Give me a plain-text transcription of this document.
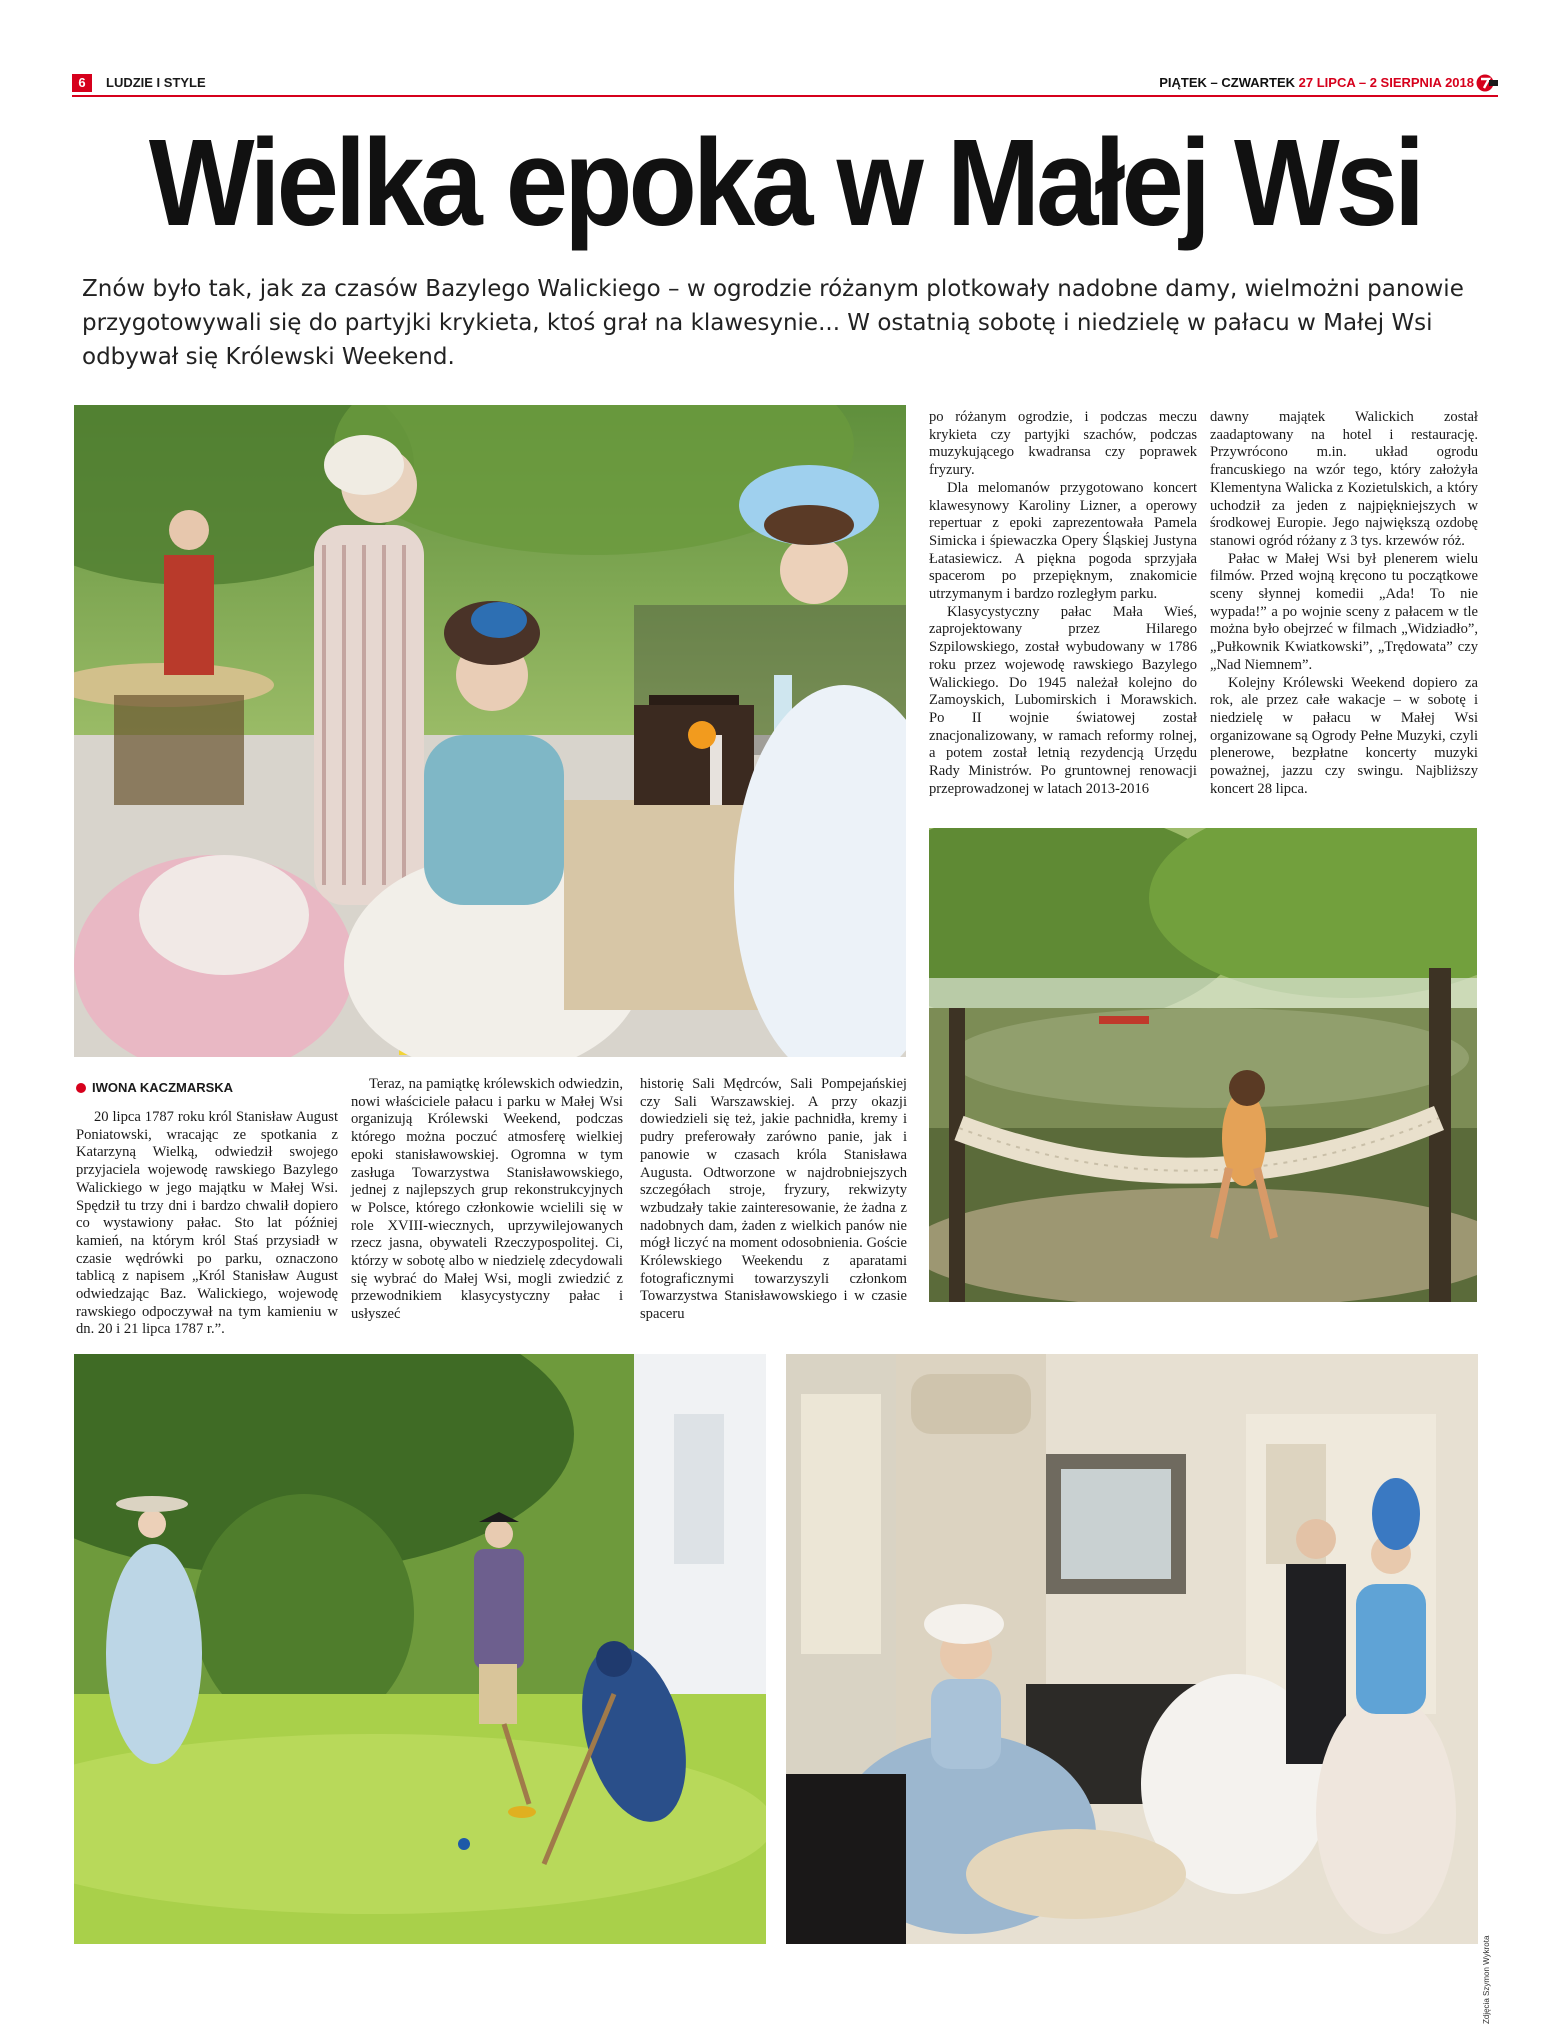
6	LUDZIE I STYLE	PIĄTEK – CZWARTEK 27 LIPCA – 2 SIERPNIA 2018
Wielka epoka w Małej Wsi
Znów było tak, jak za czasów Bazylego Walickiego – w ogrodzie różanym plotkowały nadobne damy, wielmożni panowie przygotowywali się do partyjki krykieta, ktoś grał na klawesynie... W ostatnią sobotę i niedzielę w pałacu w Małej Wsi odbywał się Królewski Weekend.
IWONA KACZMARSKA

20 lipca 1787 roku król Stanisław August Poniatowski, wracając ze spotkania z Katarzyną Wielką, odwiedził swojego przyjaciela wojewodę rawskiego Bazylego Walickiego w jego majątku w Małej Wsi. Spędził tu trzy dni i bardzo chwalił dopiero co wystawiony pałac. Sto lat później kamień, na którym król Staś przysiadł w czasie wędrówki po parku, oznaczono tablicą z napisem „Król Stanisław August odwiedzając Baz. Walickiego, wojewodę rawskiego odpoczywał na tym kamieniu w dn. 20 i 21 lipca 1787 r.”.

Teraz, na pamiątkę królewskich odwiedzin, nowi właściciele pałacu i parku w Małej Wsi organizują Królewski Weekend, podczas którego można poczuć atmosferę wielkiej epoki stanisławowskiej. Ogromna w tym zasługa Towarzystwa Stanisławowskiego, jednej z najlepszych grup rekonstrukcyjnych w Polsce, którego członkowie wcielili się w role XVIII-wiecznych, uprzywilejowanych rzecz jasna, obywateli Rzeczypospolitej. Ci, którzy w sobotę albo w niedzielę zdecydowali się wybrać do Małej Wsi, mogli zwiedzić z przewodnikiem klasycystyczny pałac i usłyszeć

historię Sali Mędrców, Sali Pompejańskiej czy Sali Warszawskiej. A przy okazji dowiedzieli się też, jakie pachnidła, kremy i pudry preferowały zarówno panie, jak i panowie w czasach króla Stanisława Augusta. Odtworzone w najdrobniejszych szczegółach stroje, fryzury, rekwizyty wzbudzały takie zainteresowanie, że żadna z nadobnych dam, żaden z wielkich panów nie mógł liczyć na moment odosobnienia. Goście Królewskiego Weekendu z aparatami fotograficznymi towarzyszyli członkom Towarzystwa Stanisławowskiego i w czasie spaceru

po różanym ogrodzie, i podczas meczu krykieta czy partyjki szachów, podczas muzykującego kwadransa czy poprawek fryzury.

Dla melomanów przygotowano koncert klawesynowy Karoliny Lizner, a operowy repertuar z epoki zaprezentowała Pamela Simicka i śpiewaczka Opery Śląskiej Justyna Łatasiewicz. A piękna pogoda sprzyjała spacerom po przepięknym, znakomicie utrzymanym i bardzo rozległym parku.

Klasycystyczny pałac Mała Wieś, zaprojektowany przez Hilarego Szpilowskiego, został wybudowany w 1786 roku przez wojewodę rawskiego Bazylego Walickiego. Do 1945 należał kolejno do Zamoyskich, Lubomirskich i Morawskich. Po II wojnie światowej został znacjonalizowany, w ramach reformy rolnej, a potem został letnią rezydencją Urzędu Rady Ministrów. Po gruntownej renowacji przeprowadzonej w latach 2013-2016

dawny majątek Walickich został zaadaptowany na hotel i restaurację. Przywrócono m.in. układ ogrodu francuskiego na wzór tego, który założyła Klementyna Walicka z Kozietulskich, a który uchodził za jeden z najpiękniejszych w środkowej Europie. Jego największą ozdobę stanowi ogród różany z 3 tys. krzewów róż.

Pałac w Małej Wsi był plenerem wielu filmów. Przed wojną kręcono tu początkowe sceny słynnej komedii „Ada! To nie wypada!” a po wojnie sceny z pałacem w tle można było obejrzeć w filmach „Widziadło”, „Pułkownik Kwiatkowski”, „Trędowata” czy „Nad Niemnem”.

Kolejny Królewski Weekend dopiero za rok, ale przez całe wakacje – w sobotę i niedzielę w pałacu w Małej Wsi organizowane są Ogrody Pełne Muzyki, czyli plenerowe, bezpłatne koncerty muzyki poważnej, jazzu czy swingu. Najbliższy koncert 28 lipca.

Zdjęcia Szymon Wykrota
